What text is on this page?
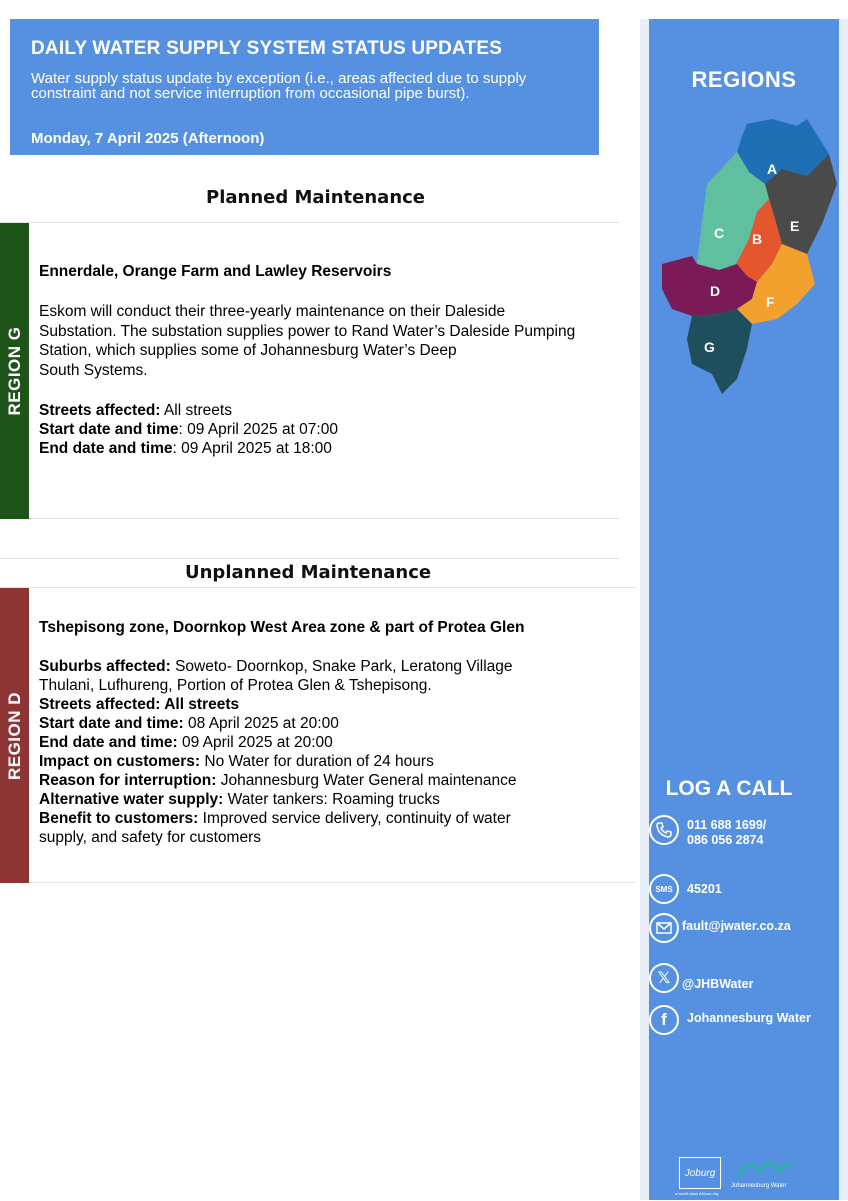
DAILY WATER SUPPLY SYSTEM STATUS UPDATES
Water supply status update by exception (i.e., areas affected due to supply constraint and not service interruption from occasional pipe burst).
Monday, 7 April 2025 (Afternoon)
Planned Maintenance
REGION G
Ennerdale, Orange Farm and Lawley Reservoirs
Eskom will conduct their three-yearly maintenance on their Daleside
Substation. The substation supplies power to Rand Water’s Daleside Pumping
Station, which supplies some of Johannesburg Water’s Deep
South Systems.
Streets affected: All streets
Start date and time: 09 April 2025 at 07:00
End date and time: 09 April 2025 at 18:00
Unplanned Maintenance
REGION D
Tshepisong zone, Doornkop West Area zone & part of Protea Glen
Suburbs affected: Soweto- Doornkop, Snake Park, Leratong Village
Thulani, Lufhureng, Portion of Protea Glen & Tshepisong.
Streets affected: All streets
Start date and time: 08 April 2025 at 20:00
End date and time: 09 April 2025 at 20:00
Impact on customers: No Water for duration of 24 hours
Reason for interruption: Johannesburg Water General maintenance
Alternative water supply: Water tankers: Roaming trucks
Benefit to customers: Improved service delivery, continuity of water
supply, and safety for customers
REGIONS
A
B
C
D
E
F
G
LOG A CALL
011 688 1699/
086 056 2874
SMS	45201
fault@jwater.co.za
𝕏 @JHBWater
f	Johannesburg Water
Joburg
a world class African city
Johannesburg Water
